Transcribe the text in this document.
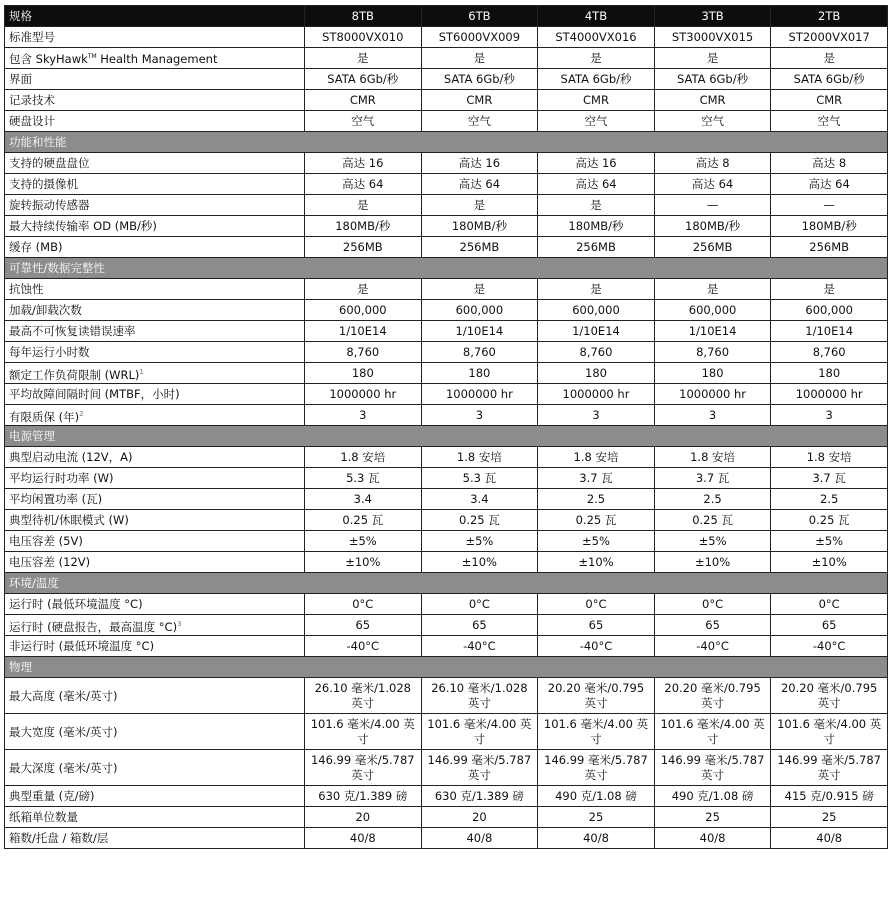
规格	8TB	6TB	4TB	3TB	2TB
标准型号	ST8000VX010	ST6000VX009	ST4000VX016	ST3000VX015	ST2000VX017
包含 SkyHawk™ Health Management	是	是	是	是	是
界面	SATA 6Gb/秒	SATA 6Gb/秒	SATA 6Gb/秒	SATA 6Gb/秒	SATA 6Gb/秒
记录技术	CMR	CMR	CMR	CMR	CMR
硬盘设计	空气	空气	空气	空气	空气
功能和性能					
支持的硬盘盘位	高达 16	高达 16	高达 16	高达 8	高达 8
支持的摄像机	高达 64	高达 64	高达 64	高达 64	高达 64
旋转振动传感器	是	是	是	—	—
最大持续传输率 OD (MB/秒)	180MB/秒	180MB/秒	180MB/秒	180MB/秒	180MB/秒
缓存 (MB)	256MB	256MB	256MB	256MB	256MB
可靠性/数据完整性					
抗蚀性	是	是	是	是	是
加载/卸载次数	600,000	600,000	600,000	600,000	600,000
最高不可恢复读错误速率	1/10E14	1/10E14	1/10E14	1/10E14	1/10E14
每年运行小时数	8,760	8,760	8,760	8,760	8,760
额定工作负荷限制 (WRL)$^1$	180	180	180	180	180
平均故障间隔时间 (MTBF，小时)	1000000 hr	1000000 hr	1000000 hr	1000000 hr	1000000 hr
有限质保 (年)$^2$	3	3	3	3	3
电源管理					
典型启动电流 (12V，A)	1.8 安培	1.8 安培	1.8 安培	1.8 安培	1.8 安培
平均运行时功率 (W)	5.3 瓦	5.3 瓦	3.7 瓦	3.7 瓦	3.7 瓦
平均闲置功率 (瓦)	3.4	3.4	2.5	2.5	2.5
典型待机/休眠模式 (W)	0.25 瓦	0.25 瓦	0.25 瓦	0.25 瓦	0.25 瓦
电压容差 (5V)	±5%	±5%	±5%	±5%	±5%
电压容差 (12V)	±10%	±10%	±10%	±10%	±10%
环境/温度					
运行时 (最低环境温度 °C)	0°C	0°C	0°C	0°C	0°C
运行时 (硬盘报告，最高温度 °C)$^3$	65	65	65	65	65
非运行时 (最低环境温度 °C)	-40°C	-40°C	-40°C	-40°C	-40°C
物理					
最大高度 (毫米/英寸)	26.10 毫米/1.028 英寸	26.10 毫米/1.028 英寸	20.20 毫米/0.795 英寸	20.20 毫米/0.795 英寸	20.20 毫米/0.795 英寸
最大宽度 (毫米/英寸)	101.6 毫米/4.00 英寸	101.6 毫米/4.00 英寸	101.6 毫米/4.00 英寸	101.6 毫米/4.00 英寸	101.6 毫米/4.00 英寸
最大深度 (毫米/英寸)	146.99 毫米/5.787 英寸	146.99 毫米/5.787 英寸	146.99 毫米/5.787 英寸	146.99 毫米/5.787 英寸	146.99 毫米/5.787 英寸
典型重量 (克/磅)	630 克/1.389 磅	630 克/1.389 磅	490 克/1.08 磅	490 克/1.08 磅	415 克/0.915 磅
纸箱单位数量	20	20	25	25	25
箱数/托盘 / 箱数/层	40/8	40/8	40/8	40/8	40/8
